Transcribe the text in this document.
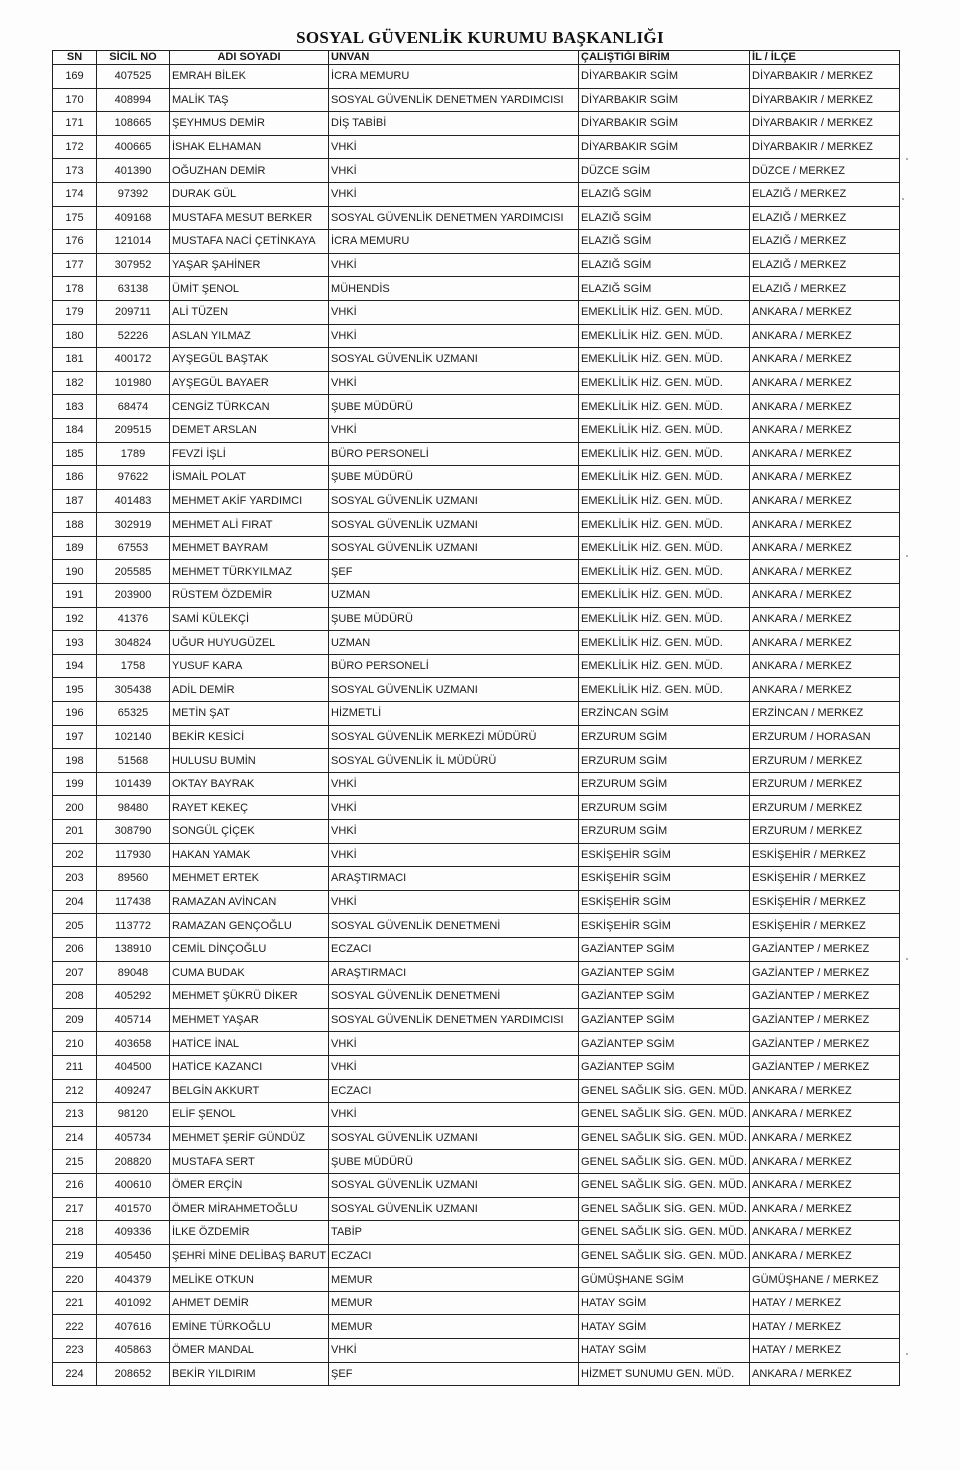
SOSYAL GÜVENLİK KURUMU BAŞKANLIĞI
SN	SİCİL NO	ADI SOYADI	UNVAN	ÇALIŞTIĞI BİRİM	İL / İLÇE
169	407525	EMRAH BİLEK	İCRA MEMURU	DİYARBAKIR SGİM	DİYARBAKIR / MERKEZ
170	408994	MALİK TAŞ	SOSYAL GÜVENLİK DENETMEN YARDIMCISI	DİYARBAKIR SGİM	DİYARBAKIR / MERKEZ
171	108665	ŞEYHMUS DEMİR	DİŞ TABİBİ	DİYARBAKIR SGİM	DİYARBAKIR / MERKEZ
172	400665	İSHAK ELHAMAN	VHKİ	DİYARBAKIR SGİM	DİYARBAKIR / MERKEZ
173	401390	OĞUZHAN DEMİR	VHKİ	DÜZCE SGİM	DÜZCE / MERKEZ
174	97392	DURAK GÜL	VHKİ	ELAZIĞ SGİM	ELAZIĞ / MERKEZ
175	409168	MUSTAFA MESUT BERKER	SOSYAL GÜVENLİK DENETMEN YARDIMCISI	ELAZIĞ SGİM	ELAZIĞ / MERKEZ
176	121014	MUSTAFA NACİ ÇETİNKAYA	İCRA MEMURU	ELAZIĞ SGİM	ELAZIĞ / MERKEZ
177	307952	YAŞAR ŞAHİNER	VHKİ	ELAZIĞ SGİM	ELAZIĞ / MERKEZ
178	63138	ÜMİT ŞENOL	MÜHENDİS	ELAZIĞ SGİM	ELAZIĞ / MERKEZ
179	209711	ALİ TÜZEN	VHKİ	EMEKLİLİK HİZ. GEN. MÜD.	ANKARA / MERKEZ
180	52226	ASLAN YILMAZ	VHKİ	EMEKLİLİK HİZ. GEN. MÜD.	ANKARA / MERKEZ
181	400172	AYŞEGÜL BAŞTAK	SOSYAL GÜVENLİK UZMANI	EMEKLİLİK HİZ. GEN. MÜD.	ANKARA / MERKEZ
182	101980	AYŞEGÜL BAYAER	VHKİ	EMEKLİLİK HİZ. GEN. MÜD.	ANKARA / MERKEZ
183	68474	CENGİZ TÜRKCAN	ŞUBE MÜDÜRÜ	EMEKLİLİK HİZ. GEN. MÜD.	ANKARA / MERKEZ
184	209515	DEMET ARSLAN	VHKİ	EMEKLİLİK HİZ. GEN. MÜD.	ANKARA / MERKEZ
185	1789	FEVZİ İŞLİ	BÜRO PERSONELİ	EMEKLİLİK HİZ. GEN. MÜD.	ANKARA / MERKEZ
186	97622	İSMAİL POLAT	ŞUBE MÜDÜRÜ	EMEKLİLİK HİZ. GEN. MÜD.	ANKARA / MERKEZ
187	401483	MEHMET AKİF YARDIMCI	SOSYAL GÜVENLİK UZMANI	EMEKLİLİK HİZ. GEN. MÜD.	ANKARA / MERKEZ
188	302919	MEHMET ALİ FIRAT	SOSYAL GÜVENLİK UZMANI	EMEKLİLİK HİZ. GEN. MÜD.	ANKARA / MERKEZ
189	67553	MEHMET BAYRAM	SOSYAL GÜVENLİK UZMANI	EMEKLİLİK HİZ. GEN. MÜD.	ANKARA / MERKEZ
190	205585	MEHMET TÜRKYILMAZ	ŞEF	EMEKLİLİK HİZ. GEN. MÜD.	ANKARA / MERKEZ
191	203900	RÜSTEM ÖZDEMİR	UZMAN	EMEKLİLİK HİZ. GEN. MÜD.	ANKARA / MERKEZ
192	41376	SAMİ KÜLEKÇİ	ŞUBE MÜDÜRÜ	EMEKLİLİK HİZ. GEN. MÜD.	ANKARA / MERKEZ
193	304824	UĞUR HUYUGÜZEL	UZMAN	EMEKLİLİK HİZ. GEN. MÜD.	ANKARA / MERKEZ
194	1758	YUSUF KARA	BÜRO PERSONELİ	EMEKLİLİK HİZ. GEN. MÜD.	ANKARA / MERKEZ
195	305438	ADİL DEMİR	SOSYAL GÜVENLİK UZMANI	EMEKLİLİK HİZ. GEN. MÜD.	ANKARA / MERKEZ
196	65325	METİN ŞAT	HİZMETLİ	ERZİNCAN SGİM	ERZİNCAN / MERKEZ
197	102140	BEKİR KESİCİ	SOSYAL GÜVENLİK MERKEZİ MÜDÜRÜ	ERZURUM SGİM	ERZURUM / HORASAN
198	51568	HULUSU BUMİN	SOSYAL GÜVENLİK İL MÜDÜRÜ	ERZURUM SGİM	ERZURUM / MERKEZ
199	101439	OKTAY BAYRAK	VHKİ	ERZURUM SGİM	ERZURUM / MERKEZ
200	98480	RAYET KEKEÇ	VHKİ	ERZURUM SGİM	ERZURUM / MERKEZ
201	308790	SONGÜL ÇİÇEK	VHKİ	ERZURUM SGİM	ERZURUM / MERKEZ
202	117930	HAKAN YAMAK	VHKİ	ESKİŞEHİR SGİM	ESKİŞEHİR / MERKEZ
203	89560	MEHMET ERTEK	ARAŞTIRMACI	ESKİŞEHİR SGİM	ESKİŞEHİR / MERKEZ
204	117438	RAMAZAN AVİNCAN	VHKİ	ESKİŞEHİR SGİM	ESKİŞEHİR / MERKEZ
205	113772	RAMAZAN GENÇOĞLU	SOSYAL GÜVENLİK DENETMENİ	ESKİŞEHİR SGİM	ESKİŞEHİR / MERKEZ
206	138910	CEMİL DİNÇOĞLU	ECZACI	GAZİANTEP SGİM	GAZİANTEP / MERKEZ
207	89048	CUMA BUDAK	ARAŞTIRMACI	GAZİANTEP SGİM	GAZİANTEP / MERKEZ
208	405292	MEHMET ŞÜKRÜ DİKER	SOSYAL GÜVENLİK DENETMENİ	GAZİANTEP SGİM	GAZİANTEP / MERKEZ
209	405714	MEHMET YAŞAR	SOSYAL GÜVENLİK DENETMEN YARDIMCISI	GAZİANTEP SGİM	GAZİANTEP / MERKEZ
210	403658	HATİCE İNAL	VHKİ	GAZİANTEP SGİM	GAZİANTEP / MERKEZ
211	404500	HATİCE KAZANCI	VHKİ	GAZİANTEP SGİM	GAZİANTEP / MERKEZ
212	409247	BELGİN AKKURT	ECZACI	GENEL SAĞLIK SİG. GEN. MÜD.	ANKARA / MERKEZ
213	98120	ELİF ŞENOL	VHKİ	GENEL SAĞLIK SİG. GEN. MÜD.	ANKARA / MERKEZ
214	405734	MEHMET ŞERİF GÜNDÜZ	SOSYAL GÜVENLİK UZMANI	GENEL SAĞLIK SİG. GEN. MÜD.	ANKARA / MERKEZ
215	208820	MUSTAFA SERT	ŞUBE MÜDÜRÜ	GENEL SAĞLIK SİG. GEN. MÜD.	ANKARA / MERKEZ
216	400610	ÖMER ERÇİN	SOSYAL GÜVENLİK UZMANI	GENEL SAĞLIK SİG. GEN. MÜD.	ANKARA / MERKEZ
217	401570	ÖMER MİRAHMETOĞLU	SOSYAL GÜVENLİK UZMANI	GENEL SAĞLIK SİG. GEN. MÜD.	ANKARA / MERKEZ
218	409336	İLKE ÖZDEMİR	TABİP	GENEL SAĞLIK SİG. GEN. MÜD.	ANKARA / MERKEZ
219	405450	ŞEHRİ MİNE DELİBAŞ BARUT	ECZACI	GENEL SAĞLIK SİG. GEN. MÜD.	ANKARA / MERKEZ
220	404379	MELİKE OTKUN	MEMUR	GÜMÜŞHANE SGİM	GÜMÜŞHANE / MERKEZ
221	401092	AHMET DEMİR	MEMUR	HATAY SGİM	HATAY / MERKEZ
222	407616	EMİNE TÜRKOĞLU	MEMUR	HATAY SGİM	HATAY / MERKEZ
223	405863	ÖMER MANDAL	VHKİ	HATAY SGİM	HATAY / MERKEZ
224	208652	BEKİR YILDIRIM	ŞEF	HİZMET SUNUMU GEN. MÜD.	ANKARA / MERKEZ
